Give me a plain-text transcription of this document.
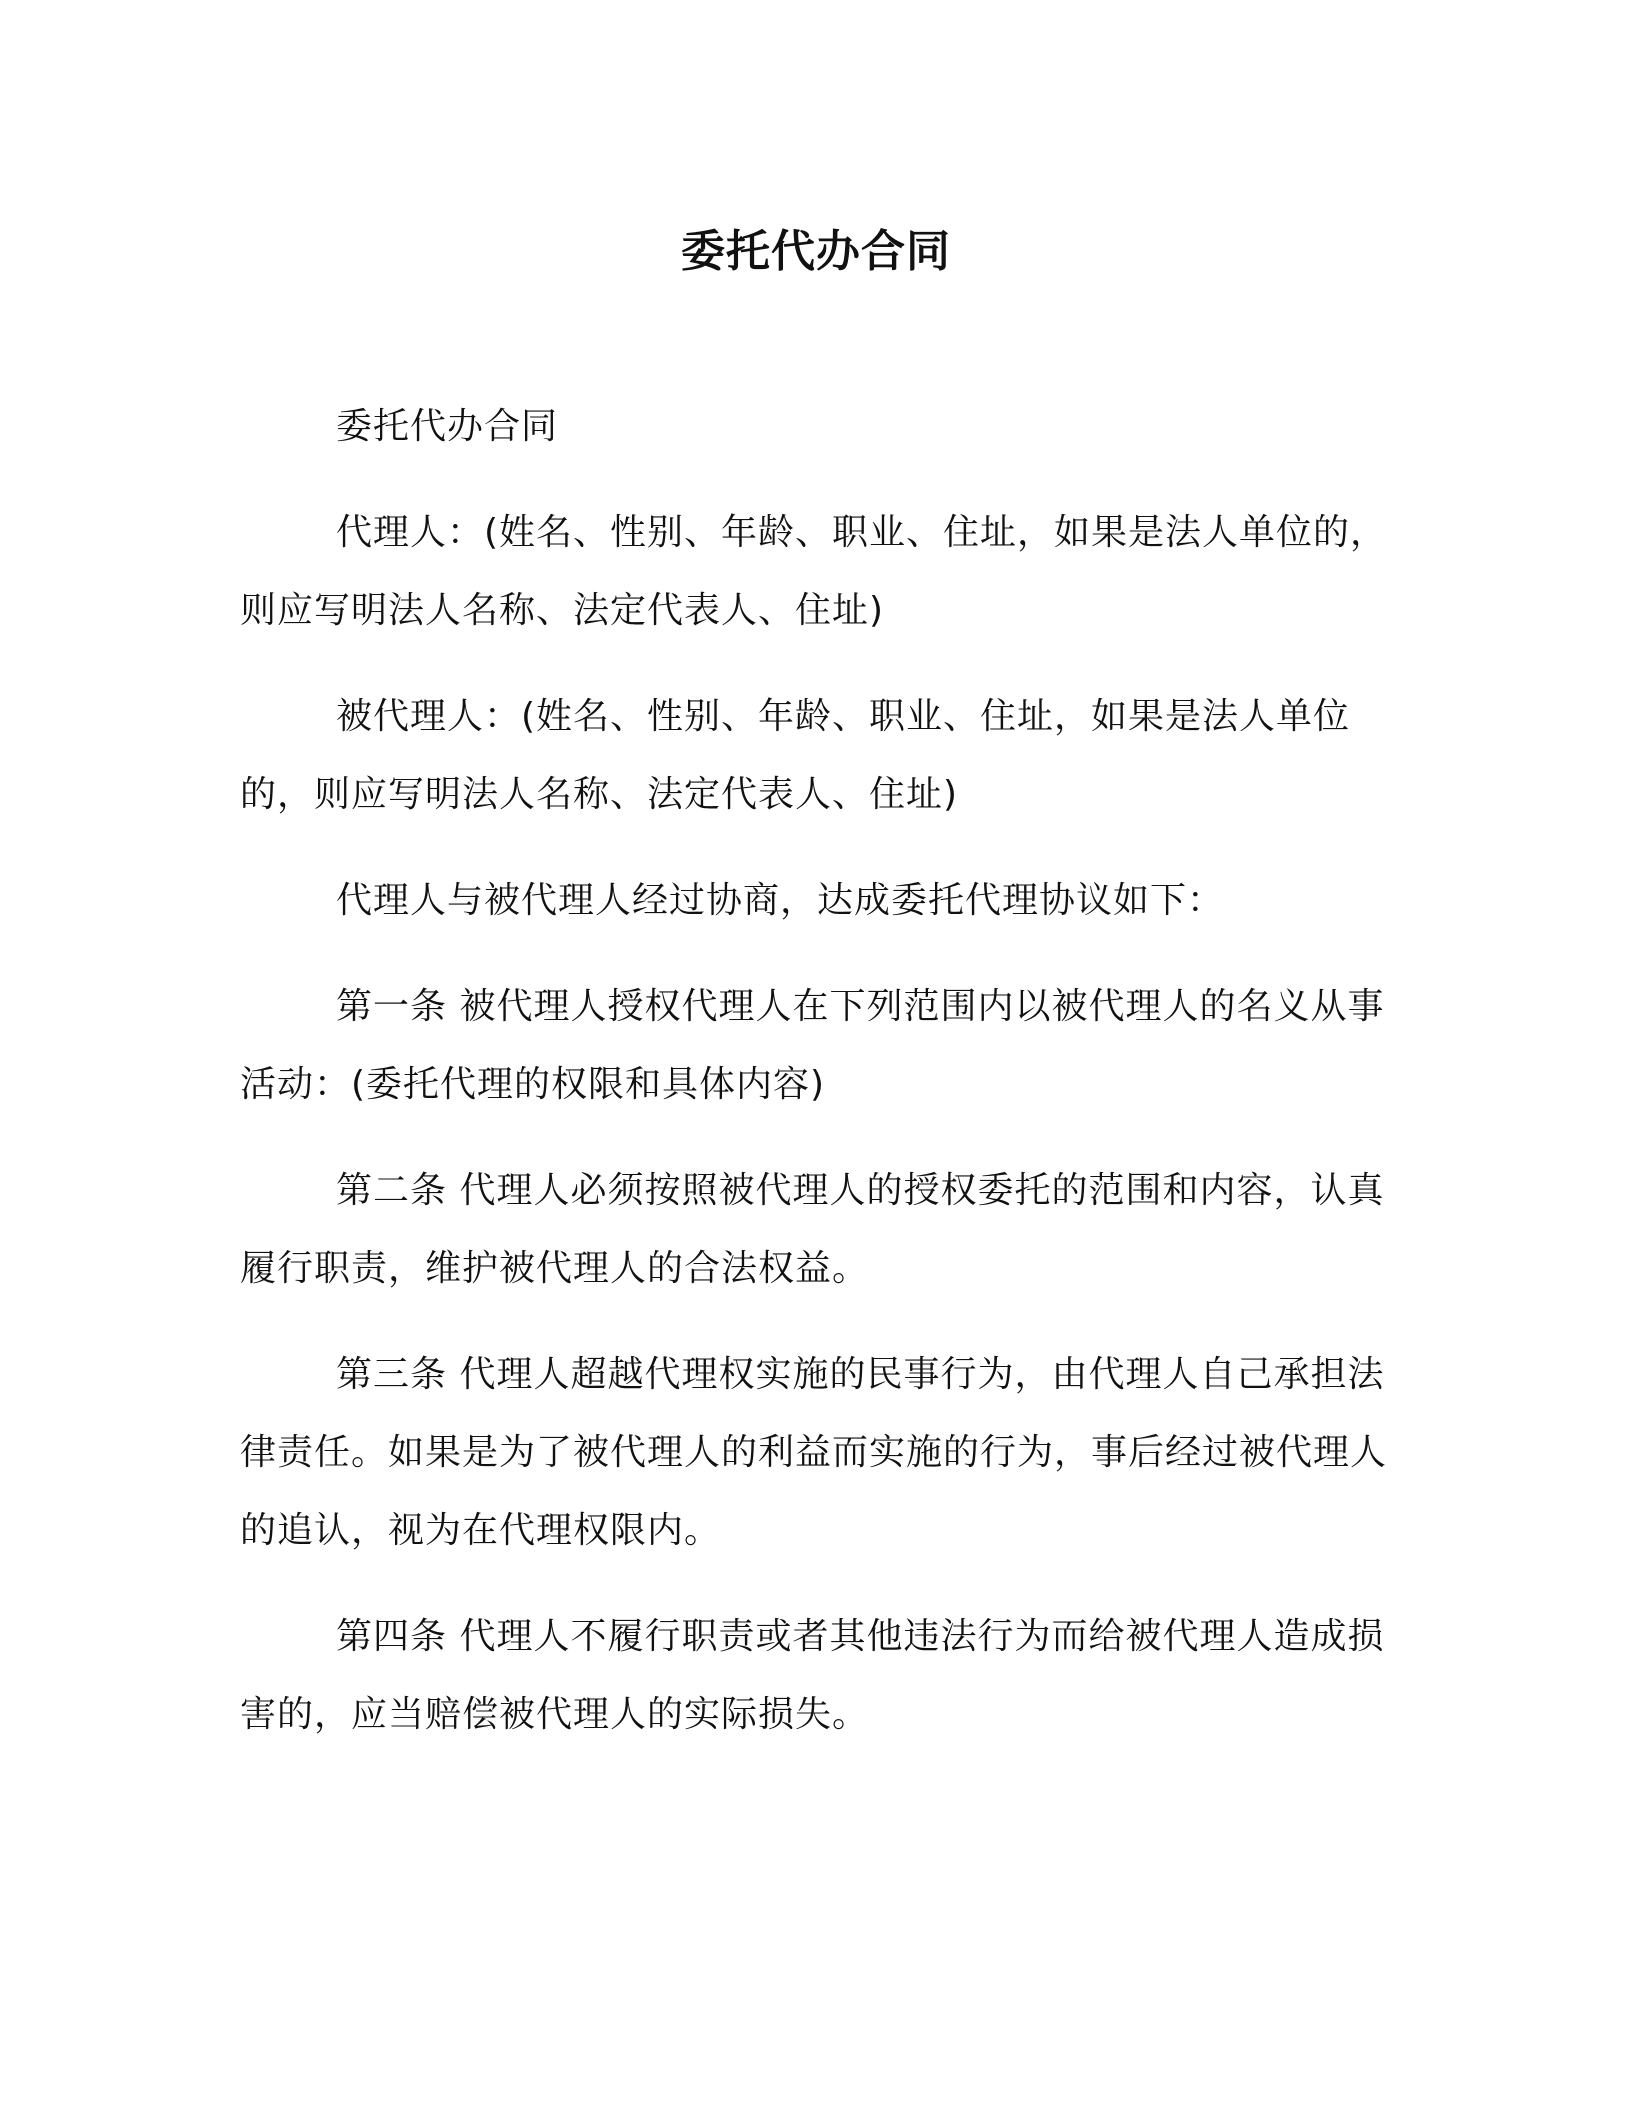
委托代办合同

委托代办合同

代理人：(姓名、性别、年龄、职业、住址，如果是法人单位的，则应写明法人名称、法定代表人、住址)

被代理人：(姓名、性别、年龄、职业、住址，如果是法人单位的，则应写明法人名称、法定代表人、住址)

代理人与被代理人经过协商，达成委托代理协议如下：

第一条 被代理人授权代理人在下列范围内以被代理人的名义从事活动：(委托代理的权限和具体内容)

第二条 代理人必须按照被代理人的授权委托的范围和内容，认真履行职责，维护被代理人的合法权益。

第三条 代理人超越代理权实施的民事行为，由代理人自己承担法律责任。如果是为了被代理人的利益而实施的行为，事后经过被代理人的追认，视为在代理权限内。

第四条 代理人不履行职责或者其他违法行为而给被代理人造成损害的，应当赔偿被代理人的实际损失。
